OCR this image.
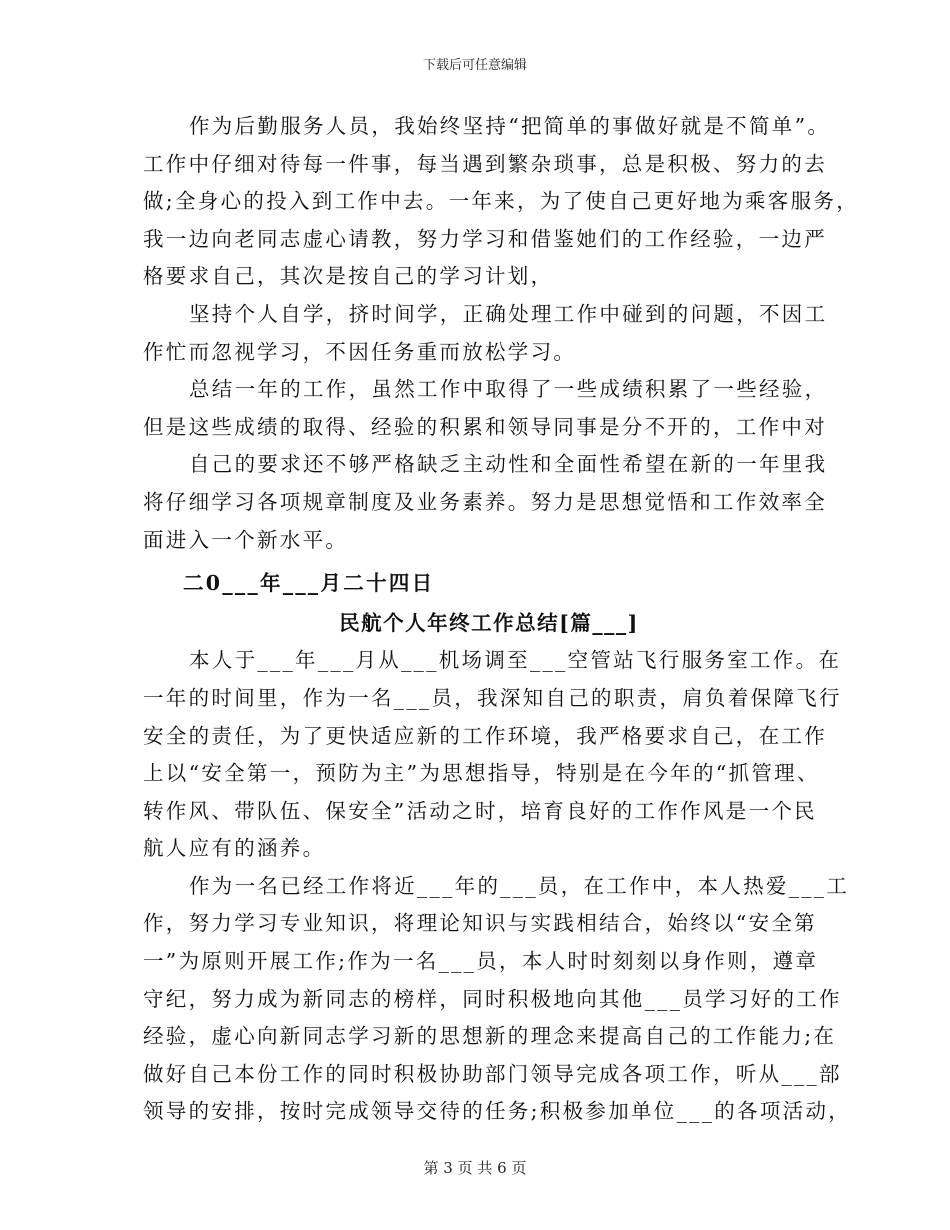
下载后可任意编辑
作为后勤服务人员，我始终坚持“把简单的事做好就是不简单”。
工作中仔细对待每一件事，每当遇到繁杂琐事，总是积极、努力的去
做;全身心的投入到工作中去。一年来，为了使自己更好地为乘客服务，
我一边向老同志虚心请教，努力学习和借鉴她们的工作经验，一边严
格要求自己，其次是按自己的学习计划，
坚持个人自学，挤时间学，正确处理工作中碰到的问题，不因工
作忙而忽视学习，不因任务重而放松学习。
总结一年的工作，虽然工作中取得了一些成绩积累了一些经验，
但是这些成绩的取得、经验的积累和领导同事是分不开的，工作中对
自己的要求还不够严格缺乏主动性和全面性希望在新的一年里我
将仔细学习各项规章制度及业务素养。努力是思想觉悟和工作效率全
面进入一个新水平。
二0___年___月二十四日
民航个人年终工作总结[篇___]
本人于___年___月从___机场调至___空管站飞行服务室工作。在
一年的时间里，作为一名___员，我深知自己的职责，肩负着保障飞行
安全的责任，为了更快适应新的工作环境，我严格要求自己，在工作
上以“安全第一，预防为主”为思想指导，特别是在今年的“抓管理、
转作风、带队伍、保安全”活动之时，培育良好的工作作风是一个民
航人应有的涵养。
作为一名已经工作将近___年的___员，在工作中，本人热爱___工
作，努力学习专业知识，将理论知识与实践相结合，始终以“安全第
一”为原则开展工作;作为一名___员，本人时时刻刻以身作则，遵章
守纪，努力成为新同志的榜样，同时积极地向其他___员学习好的工作
经验，虚心向新同志学习新的思想新的理念来提高自己的工作能力;在
做好自己本份工作的同时积极协助部门领导完成各项工作，听从___部
领导的安排，按时完成领导交待的任务;积极参加单位___的各项活动，
第 3 页 共 6 页
